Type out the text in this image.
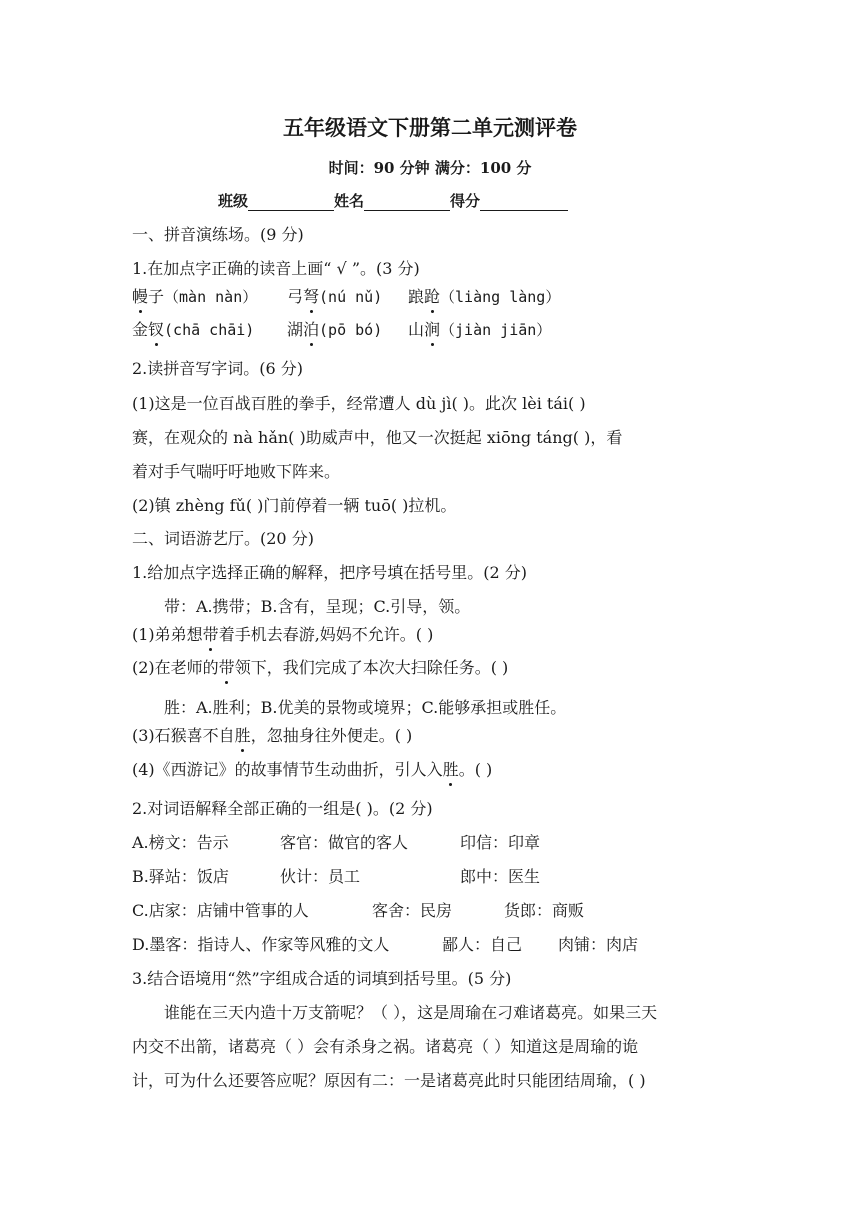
五年级语文下册第二单元测评卷
时间：90 分钟 满分：100 分
班级	姓名	得分
一、拼音演练场。(9 分)
1.在加点字正确的读音上画“ √ ”。(3 分)
幔子（màn nàn） 弓弩(nú nǔ) 踉跄（liàng làng）
金钗(chā chāi) 湖泊(pō bó) 山涧（jiàn jiān）
2.读拼音写字词。(6 分)
(1)这是一位百战百胜的拳手，经常遭人 dù jì( )。此次 lèi tái( )
赛，在观众的 nà hǎn( )助威声中，他又一次挺起 xiōng táng( )，看
着对手气喘吁吁地败下阵来。
(2)镇 zhèng fǔ( )门前停着一辆 tuō( )拉机。
二、词语游艺厅。(20 分)
1.给加点字选择正确的解释，把序号填在括号里。(2 分)
带：A.携带；B.含有，呈现；C.引导，领。
(1)弟弟想带着手机去春游,妈妈不允许。( )
(2)在老师的带领下，我们完成了本次大扫除任务。( )
胜：A.胜利；B.优美的景物或境界；C.能够承担或胜任。
(3)石猴喜不自胜，忽抽身往外便走。( )
(4)《西游记》的故事情节生动曲折，引人入胜。( )
2.对词语解释全部正确的一组是( )。(2 分)
A.榜文：告示	客官：做官的客人	印信：印章
B.驿站：饭店	伙计：员工	郎中：医生
C.店家：店铺中管事的人	客舍：民房	货郎：商贩
D.墨客：指诗人、作家等风雅的文人	鄙人：自己 肉铺：肉店
3.结合语境用“然”字组成合适的词填到括号里。(5 分)
谁能在三天内造十万支箭呢？（ ），这是周瑜在刁难诸葛亮。如果三天
内交不出箭，诸葛亮（ ）会有杀身之祸。诸葛亮（ ）知道这是周瑜的诡
计，可为什么还要答应呢？原因有二：一是诸葛亮此时只能团结周瑜，( )
